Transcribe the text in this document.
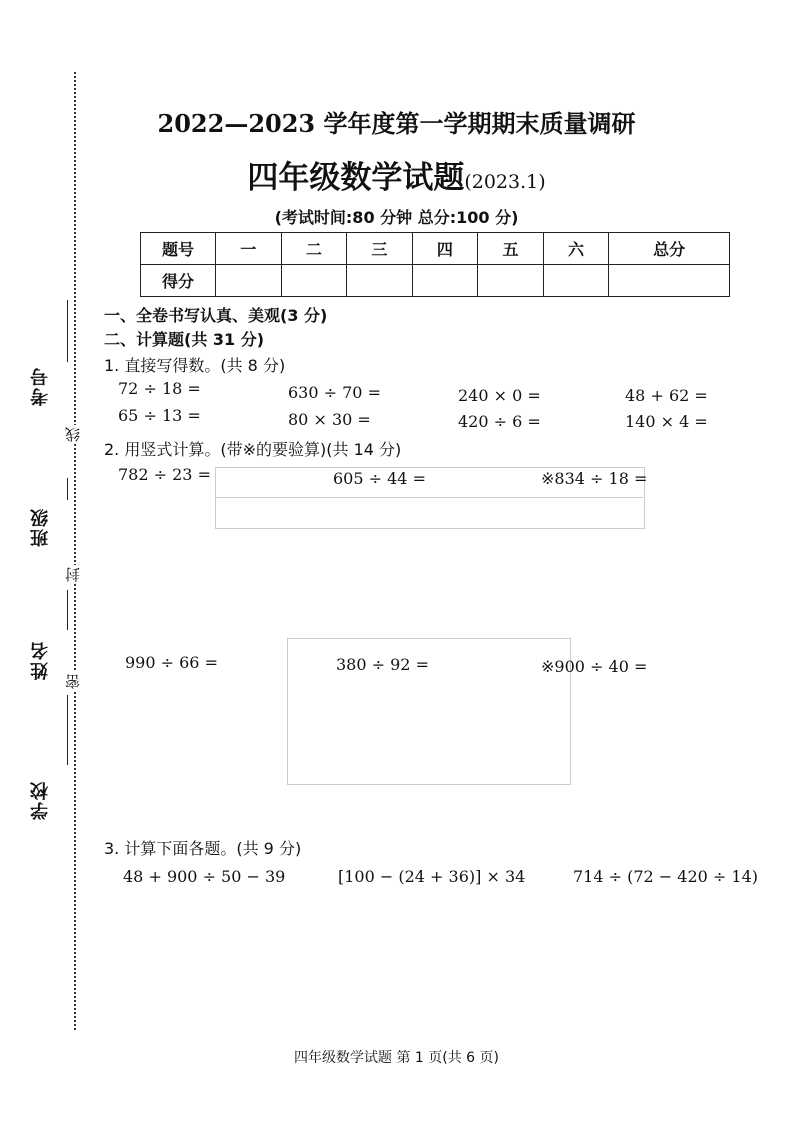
考号
班级
姓名
学校
线
封
密
2022—2023 学年度第一学期期末质量调研
四年级数学试题(2023.1)
(考试时间:80 分钟 总分:100 分)
题号	一	二	三	四	五	六	总分
得分							
一、全卷书写认真、美观(3 分)
二、计算题(共 31 分)
1. 直接写得数。(共 8 分)
72 ÷ 18 =	630 ÷ 70 =	240 × 0 =	48 + 62 =
65 ÷ 13 =	80 × 30 =	420 ÷ 6 =	140 × 4 =
2. 用竖式计算。(带※的要验算)(共 14 分)
782 ÷ 23 =	605 ÷ 44 =	※834 ÷ 18 =
990 ÷ 66 =	380 ÷ 92 =	※900 ÷ 40 =
3. 计算下面各题。(共 9 分)
48 + 900 ÷ 50 − 39	[100 − (24 + 36)] × 34	714 ÷ (72 − 420 ÷ 14)
四年级数学试题 第 1 页(共 6 页)
